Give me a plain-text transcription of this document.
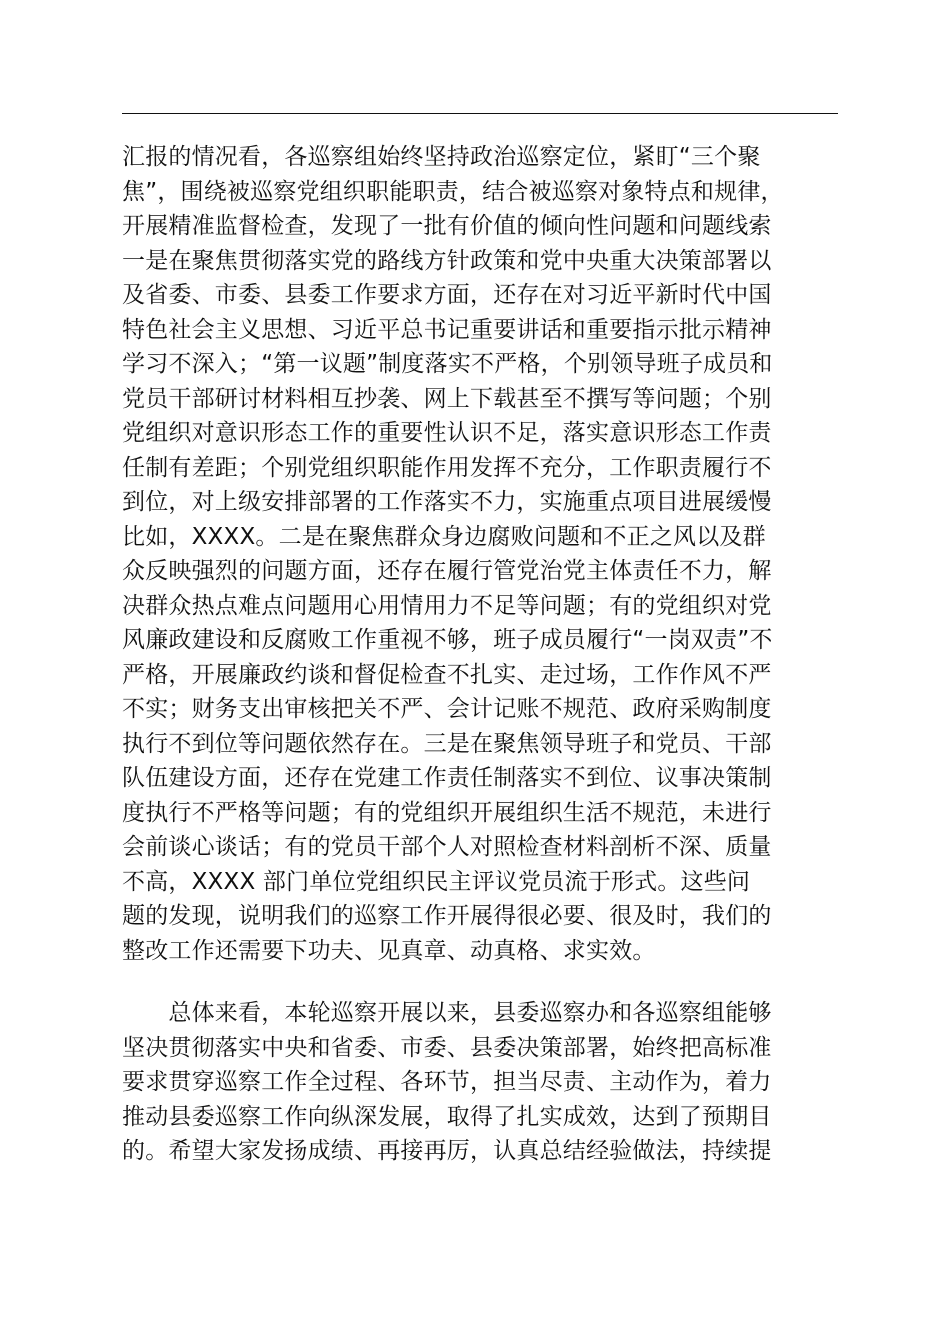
汇报的情况看，各巡察组始终坚持政治巡察定位，紧盯“三个聚
焦”，围绕被巡察党组织职能职责，结合被巡察对象特点和规律，
开展精准监督检查，发现了一批有价值的倾向性问题和问题线索
一是在聚焦贯彻落实党的路线方针政策和党中央重大决策部署以
及省委、市委、县委工作要求方面，还存在对习近平新时代中国
特色社会主义思想、习近平总书记重要讲话和重要指示批示精神
学习不深入；“第一议题”制度落实不严格，个别领导班子成员和
党员干部研讨材料相互抄袭、网上下载甚至不撰写等问题；个别
党组织对意识形态工作的重要性认识不足，落实意识形态工作责
任制有差距；个别党组织职能作用发挥不充分，工作职责履行不
到位，对上级安排部署的工作落实不力，实施重点项目进展缓慢
比如，XXXX。二是在聚焦群众身边腐败问题和不正之风以及群
众反映强烈的问题方面，还存在履行管党治党主体责任不力，解
决群众热点难点问题用心用情用力不足等问题；有的党组织对党
风廉政建设和反腐败工作重视不够，班子成员履行“一岗双责”不
严格，开展廉政约谈和督促检查不扎实、走过场，工作作风不严
不实；财务支出审核把关不严、会计记账不规范、政府采购制度
执行不到位等问题依然存在。三是在聚焦领导班子和党员、干部
队伍建设方面，还存在党建工作责任制落实不到位、议事决策制
度执行不严格等问题；有的党组织开展组织生活不规范，未进行
会前谈心谈话；有的党员干部个人对照检查材料剖析不深、质量
不高，XXXX 部门单位党组织民主评议党员流于形式。这些问
题的发现，说明我们的巡察工作开展得很必要、很及时，我们的
整改工作还需要下功夫、见真章、动真格、求实效。
　　总体来看，本轮巡察开展以来，县委巡察办和各巡察组能够
坚决贯彻落实中央和省委、市委、县委决策部署，始终把高标准
要求贯穿巡察工作全过程、各环节，担当尽责、主动作为，着力
推动县委巡察工作向纵深发展，取得了扎实成效，达到了预期目
的。希望大家发扬成绩、再接再厉，认真总结经验做法，持续提
